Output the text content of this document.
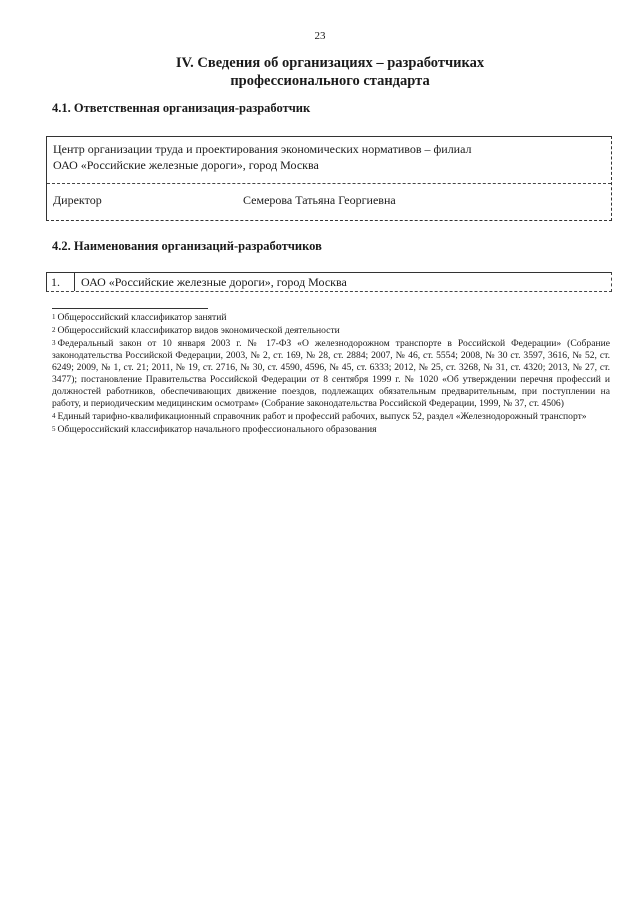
23
IV. Сведения об организациях – разработчиках
профессионального стандарта
4.1. Ответственная организация-разработчик
Центр организации труда и проектирования экономических нормативов – филиал
ОАО «Российские железные дороги», город Москва
Директор	Семерова Татьяна Георгиевна
4.2. Наименования организаций-разработчиков
1. ОАО «Российские железные дороги», город Москва

$^1$ Общероссийский классификатор занятий

$^2$ Общероссийский классификатор видов экономической деятельности

$^3$ Федеральный закон от 10 января 2003 г. № 17-ФЗ «О железнодорожном транспорте в Российской Федерации» (Собрание законодательства Российской Федерации, 2003, № 2, ст. 169, № 28, ст. 2884; 2007, № 46, ст. 5554; 2008, № 30 ст. 3597, 3616, № 52, ст. 6249; 2009, № 1, ст. 21; 2011, № 19, ст. 2716, № 30, ст. 4590, 4596, № 45, ст. 6333; 2012, № 25, ст. 3268, № 31, ст. 4320; 2013, № 27, ст. 3477); постановление Правительства Российской Федерации от 8 сентября 1999 г. № 1020 «Об утверждении перечня профессий и должностей работников, обеспечивающих движение поездов, подлежащих обязательным предварительным, при поступлении на работу, и периодическим медицинским осмотрам» (Собрание законодательства Российской Федерации, 1999, № 37, ст. 4506)

$^4$ Единый тарифно-квалификационный справочник работ и профессий рабочих, выпуск 52, раздел «Железнодорожный транспорт»

$^5$ Общероссийский классификатор начального профессионального образования
